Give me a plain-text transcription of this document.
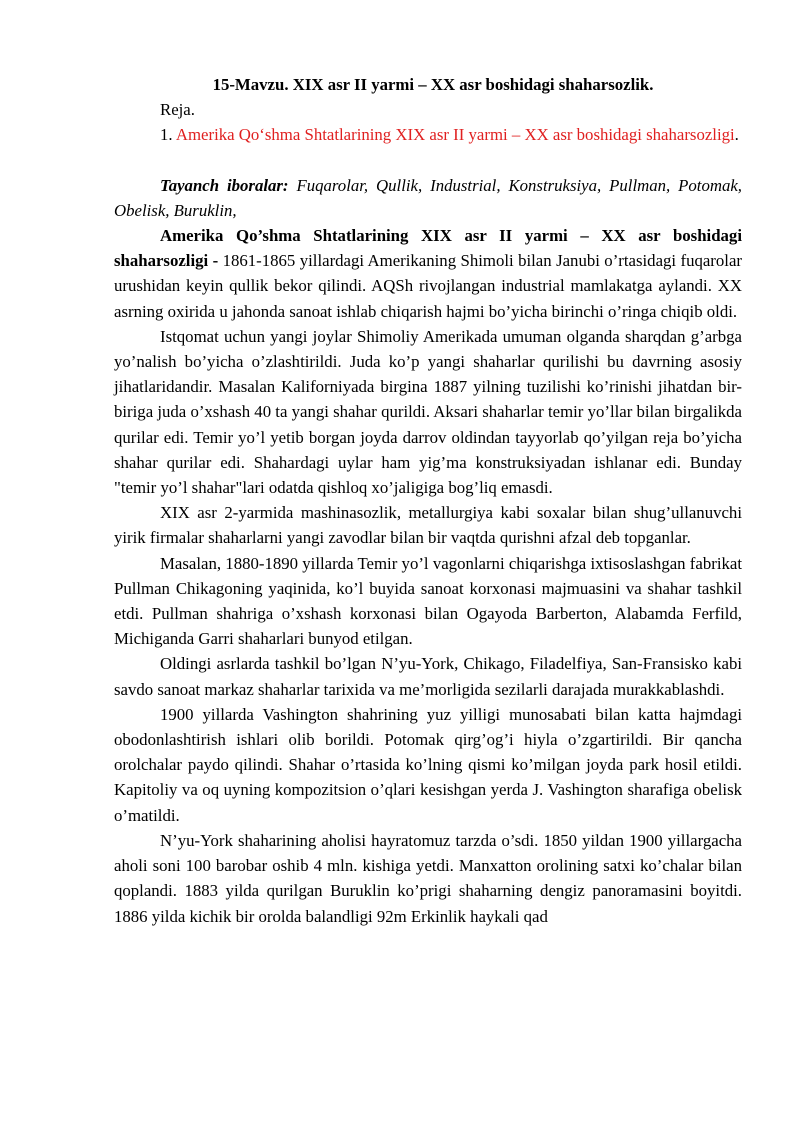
15-Mavzu. XIX asr II yarmi – XX asr boshidagi shaharsozlik.

Reja.

1. Amerika Qo‘shma Shtatlarining XIX asr II yarmi – XX asr boshidagi shaharsozligi.

Tayanch iboralar: Fuqarolar, Qullik, Industrial, Konstruksiya, Pullman, Potomak, Obelisk, Buruklin,

Amerika Qo’shma Shtatlarining XIX asr II yarmi – XX asr boshidagi shaharsozligi - 1861-1865 yillardagi Amerikaning Shimoli bilan Janubi o’rtasidagi fuqarolar urushidan keyin qullik bekor qilindi. AQSh rivojlangan industrial mamlakatga aylandi. XX asrning oxirida u jahonda sanoat ishlab chiqarish hajmi bo’yicha birinchi o’ringa chiqib oldi.

Istqomat uchun yangi joylar Shimoliy Amerikada umuman olganda sharqdan g’arbga yo’nalish bo’yicha o’zlashtirildi. Juda ko’p yangi shaharlar qurilishi bu davrning asosiy jihatlaridandir. Masalan Kaliforniyada birgina 1887 yilning tuzilishi ko’rinishi jihatdan bir-biriga juda o’xshash 40 ta yangi shahar qurildi. Aksari shaharlar temir yo’llar bilan birgalikda qurilar edi. Temir yo’l yetib borgan joyda darrov oldindan tayyorlab qo’yilgan reja bo’yicha shahar qurilar edi. Shahardagi uylar ham yig’ma konstruksiyadan ishlanar edi. Bunday "temir yo’l shahar"lari odatda qishloq xo’jaligiga bog’liq emasdi.

XIX asr 2-yarmida mashinasozlik, metallurgiya kabi soxalar bilan shug’ullanuvchi yirik firmalar shaharlarni yangi zavodlar bilan bir vaqtda qurishni afzal deb topganlar.

Masalan, 1880-1890 yillarda Temir yo’l vagonlarni chiqarishga ixtisoslashgan fabrikat Pullman Chikagoning yaqinida, ko’l buyida sanoat korxonasi majmuasini va shahar tashkil etdi. Pullman shahriga o’xshash korxonasi bilan Ogayoda Barberton, Alabamda Ferfild, Michiganda Garri shaharlari bunyod etilgan.

Oldingi asrlarda tashkil bo’lgan N’yu-York, Chikago, Filadelfiya, San-Fransisko kabi savdo sanoat markaz shaharlar tarixida va me’morligida sezilarli darajada murakkablashdi.

1900 yillarda Vashington shahrining yuz yilligi munosabati bilan katta hajmdagi obodonlashtirish ishlari olib borildi. Potomak qirg’og’i hiyla o’zgartirildi. Bir qancha orolchalar paydo qilindi. Shahar o’rtasida ko’lning qismi ko’milgan joyda park hosil etildi. Kapitoliy va oq uyning kompozitsion o’qlari kesishgan yerda J. Vashington sharafiga obelisk o’matildi.

N’yu-York shaharining aholisi hayratomuz tarzda o’sdi. 1850 yildan 1900 yillargacha aholi soni 100 barobar oshib 4 mln. kishiga yetdi. Manxatton orolining satxi ko’chalar bilan qoplandi. 1883 yilda qurilgan Buruklin ko’prigi shaharning dengiz panoramasini boyitdi. 1886 yilda kichik bir orolda balandligi 92m Erkinlik haykali qad
